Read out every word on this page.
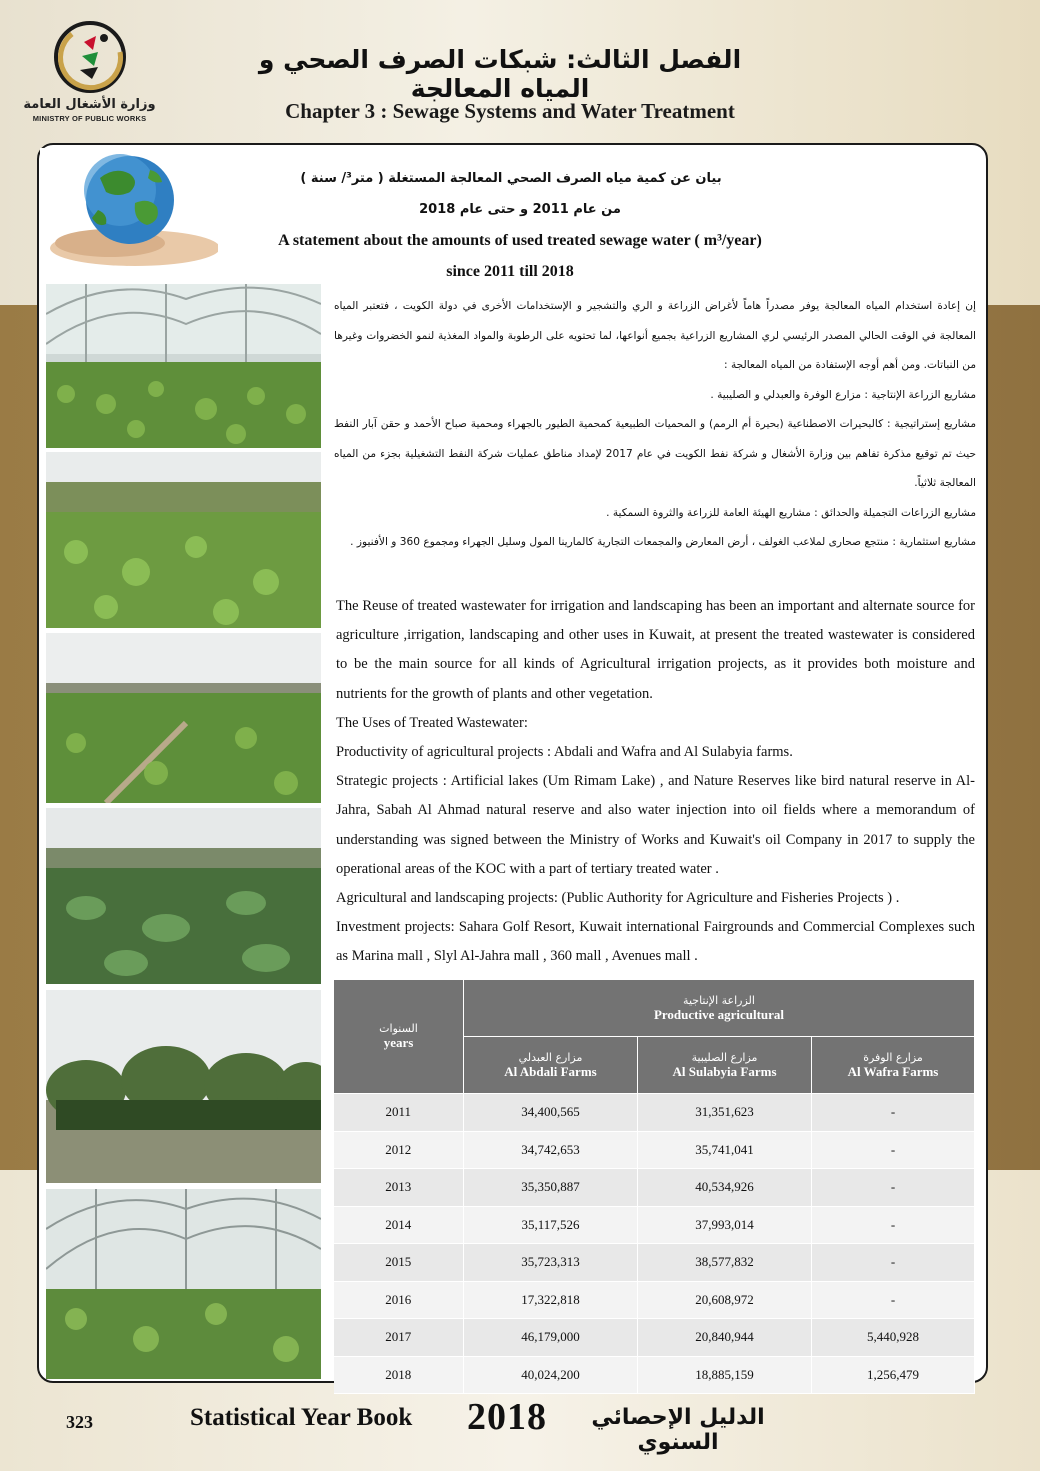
وزارة الأشغال العامة
MINISTRY OF PUBLIC WORKS
الفصل الثالث: شبكات الصرف الصحي و المياه المعالجة
Chapter 3 : Sewage Systems and Water Treatment
بيان عن كمية مياه الصرف الصحي المعالجة المستغلة ( متر³/ سنة )
من عام 2011 و حتى عام 2018
A statement about the amounts of used treated sewage water ( m³/year)
since 2011 till 2018

إن إعادة استخدام المياه المعالجة يوفر مصدراً هاماً لأغراض الزراعة و الري والتشجير و الإستخدامات الأخرى في دولة الكويت ، فتعتبر المياه المعالجة في الوقت الحالي المصدر الرئيسي لري المشاريع الزراعية بجميع أنواعها، لما تحتويه على الرطوبة والمواد المغذية لنمو الخضروات وغيرها من النباتات. ومن أهم أوجه الإستفادة من المياه المعالجة :

مشاريع الزراعة الإنتاجية : مزارع الوفرة والعبدلي و الصليبية .

مشاريع إستراتيجية : كالبحيرات الاصطناعية (بحيرة أم الرمم) و المحميات الطبيعية كمحمية الطيور بالجهراء ومحمية صباح الأحمد و حقن آبار النفط حيث تم توقيع مذكرة تفاهم بين وزارة الأشغال و شركة نفط الكويت في عام 2017 لإمداد مناطق عمليات شركة النفط التشغيلية بجزء من المياه المعالجة ثلاثياً.

مشاريع الزراعات التجميلة والحدائق : مشاريع الهيئة العامة للزراعة والثروة السمكية .

مشاريع استثمارية : منتجع صحارى لملاعب الغولف ، أرض المعارض والمجمعات التجارية كالمارينا المول وسليل الجهراء ومجموع 360 و الأفنيوز .

The Reuse of treated wastewater for irrigation and landscaping has been an important and alternate source for agriculture ,irrigation, landscaping and other uses in Kuwait, at present the treated wastewater is considered to be the main source for all kinds of Agricultural irrigation projects, as it provides both moisture and nutrients for the growth of plants and other vegetation.

The Uses of Treated Wastewater:

Productivity of agricultural projects : Abdali and Wafra and Al Sulabyia farms.

Strategic projects : Artificial lakes (Um Rimam Lake) , and Nature Reserves like bird natural reserve in Al-Jahra, Sabah Al Ahmad natural reserve and also water injection into oil fields where a memorandum of understanding was signed between the Ministry of Works and Kuwait's oil Company in 2017 to supply the operational areas of the KOC with a part of tertiary treated water .

Agricultural and landscaping projects: (Public Authority for Agriculture and Fisheries Projects ) .

Investment projects: Sahara Golf Resort, Kuwait international Fairgrounds and Commercial Complexes such as Marina mall , Slyl Al-Jahra mall , 360 mall , Avenues mall .

السنوات
years	الزراعة الإنتاجية
Productive agricultural		

	مزارع العبدلي
Al Abdali Farms	مزارع الصليبية
Al Sulabyia Farms	مزارع الوفرة
Al Wafra Farms

2011	34,400,565	31,351,623	-
2012	34,742,653	35,741,041	-
2013	35,350,887	40,534,926	-
2014	35,117,526	37,993,014	-
2015	35,723,313	38,577,832	-
2016	17,322,818	20,608,972	-
2017	46,179,000	20,840,944	5,440,928
2018	40,024,200	18,885,159	1,256,479
323	Statistical Year Book 2018	الدليل الإحصائي السنوي
